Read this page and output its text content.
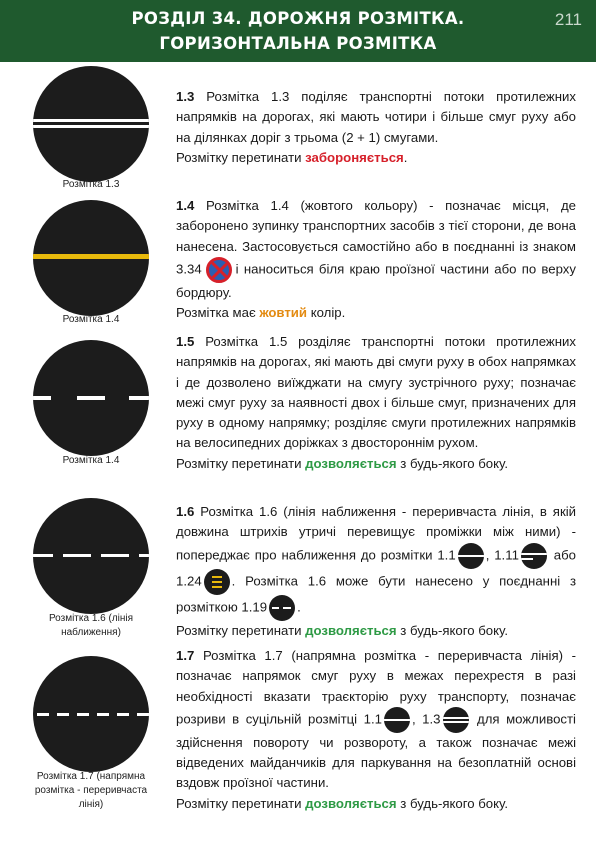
РОЗДІЛ 34. ДОРОЖНЯ РОЗМІТКА.
ГОРИЗОНТАЛЬНА РОЗМІТКА
211
Розмітка 1.3

1.3 Розмітка 1.3 поділяє транспортні потоки протилежних напрямків на дорогах, які мають чотири і більше смуг руху або на ділянках доріг з трьома (2 + 1) смугами.

Розмітку перетинати забороняється.

Розмітка 1.4

1.4 Розмітка 1.4 (жовтого кольору) - позначає місця, де заборонено зупинку транспортних засобів з тієї сторони, де вона нанесена. Застосовується самостійно або в поєднанні із знаком 3.34	і наноситься біля краю проїзної частини або по верху бордюру.

Розмітка має жовтий колір.

Розмітка 1.4

1.5 Розмітка 1.5 розділяє транспортні потоки протилежних напрямків на дорогах, які мають дві смуги руху в обох напрямках і де дозволено виїжджати на смугу зустрічного руху; позначає межі смуг руху за наявності двох і більше смуг, призначених для руху в одному напрямку; розділяє смуги протилежних напрямків на велосипедних доріжках з двостороннім рухом.

Розмітку перетинати дозволяється з будь-якого боку.

Розмітка 1.6 (лінія
наближення)

1.6 Розмітка 1.6 (лінія наближення - переривчаста лінія, в якій довжина штрихів утричі перевищує проміжки між ними) - попереджає про наближення до розмітки 1.1 , 1.11
або 1.24 . Розмітка 1.6 може бути нанесено у поєднанні з розміткою 1.19 .

Розмітку перетинати дозволяється з будь-якого боку.

Розмітка 1.7 (напрямна
розмітка - переривчаста
лінія)

1.7 Розмітка 1.7 (напрямна розмітка - переривчаста лінія) - позначає напрямок смуг руху в межах перехрестя в разі необхідності вказати траєкторію руху транспорту, позначає розриви в суцільній розмітці 1.1 , 1.3	для можливості здійснення повороту чи розвороту, а також позначає межі відведених майданчиків для паркування на безоплатній основі вздовж проїзної частини.

Розмітку перетинати дозволяється з будь-якого боку.
